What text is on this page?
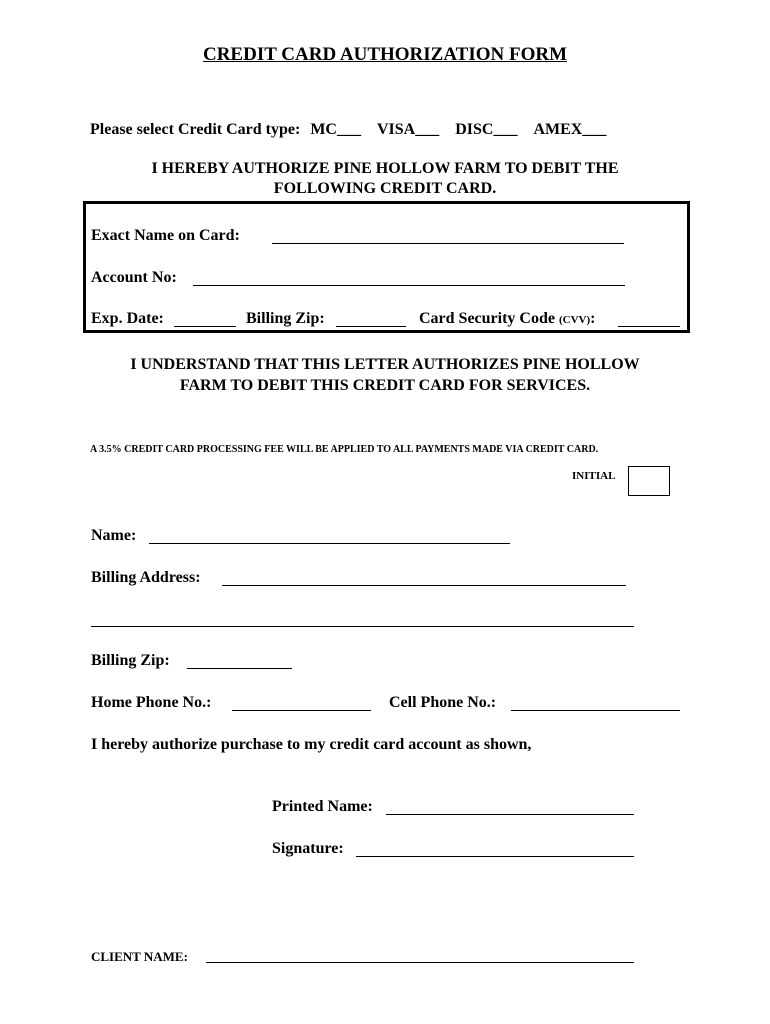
CREDIT CARD AUTHORIZATION FORM
Please select Credit Card type: MC___ VISA___ DISC___ AMEX___
I HEREBY AUTHORIZE PINE HOLLOW FARM TO DEBIT THE
FOLLOWING CREDIT CARD.
Exact Name on Card:
Account No:
Exp. Date:	Billing Zip:	Card Security Code (CVV):
I UNDERSTAND THAT THIS LETTER AUTHORIZES PINE HOLLOW
FARM TO DEBIT THIS CREDIT CARD FOR SERVICES.
A 3.5% CREDIT CARD PROCESSING FEE WILL BE APPLIED TO ALL PAYMENTS MADE VIA CREDIT CARD.
INITIAL
Name:
Billing Address:
Billing Zip:
Home Phone No.:	Cell Phone No.:
I hereby authorize purchase to my credit card account as shown,
Printed Name:
Signature:
CLIENT NAME:
